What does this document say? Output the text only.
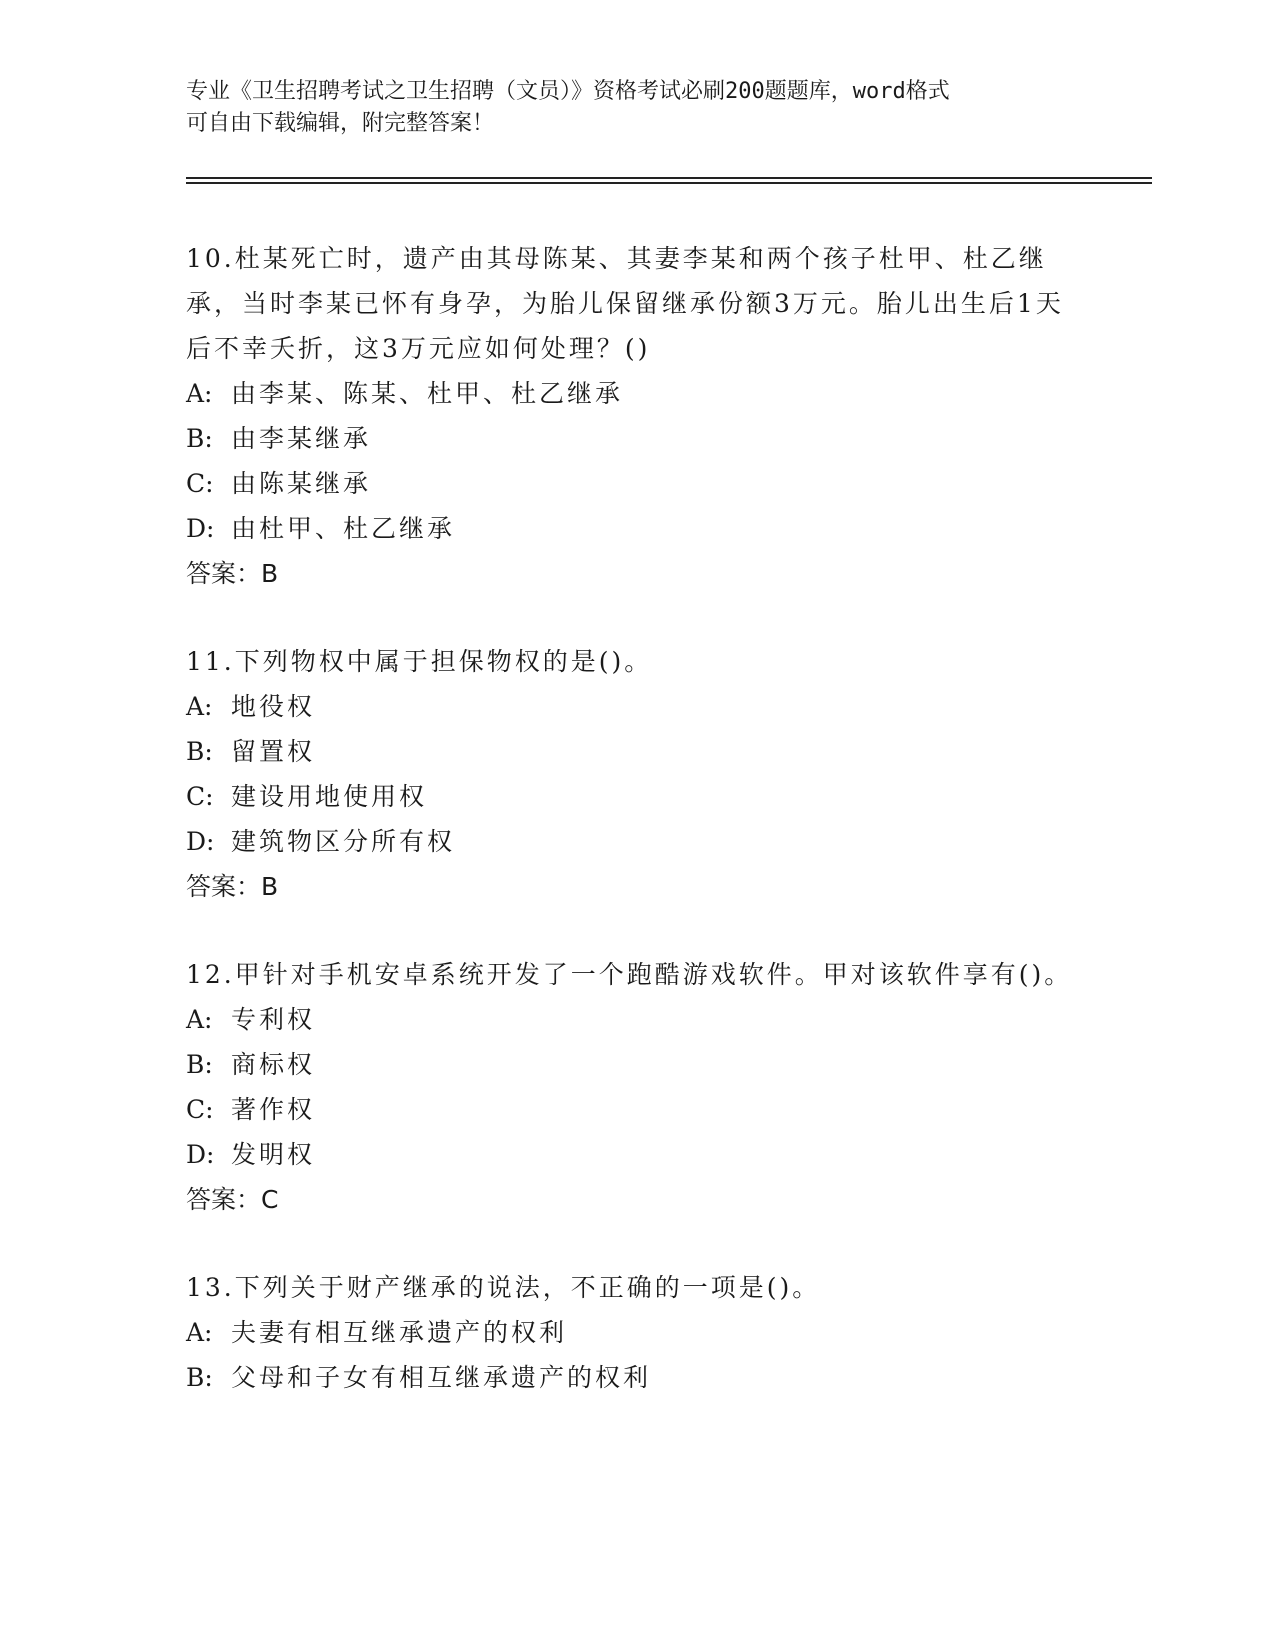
专业《卫生招聘考试之卫生招聘（文员）》资格考试必刷200题题库，word格式

可自由下载编辑，附完整答案！

10.杜某死亡时，遗产由其母陈某、其妻李某和两个孩子杜甲、杜乙继承，当时李某已怀有身孕，为胎儿保留继承份额3万元。胎儿出生后1天后不幸夭折，这3万元应如何处理？()

A: 由李某、陈某、杜甲、杜乙继承

B: 由李某继承

C: 由陈某继承

D: 由杜甲、杜乙继承

答案：B

11.下列物权中属于担保物权的是()。

A: 地役权

B: 留置权

C: 建设用地使用权

D: 建筑物区分所有权

答案：B

12.甲针对手机安卓系统开发了一个跑酷游戏软件。甲对该软件享有()。

A: 专利权

B: 商标权

C: 著作权

D: 发明权

答案：C

13.下列关于财产继承的说法，不正确的一项是()。

A: 夫妻有相互继承遗产的权利

B: 父母和子女有相互继承遗产的权利
